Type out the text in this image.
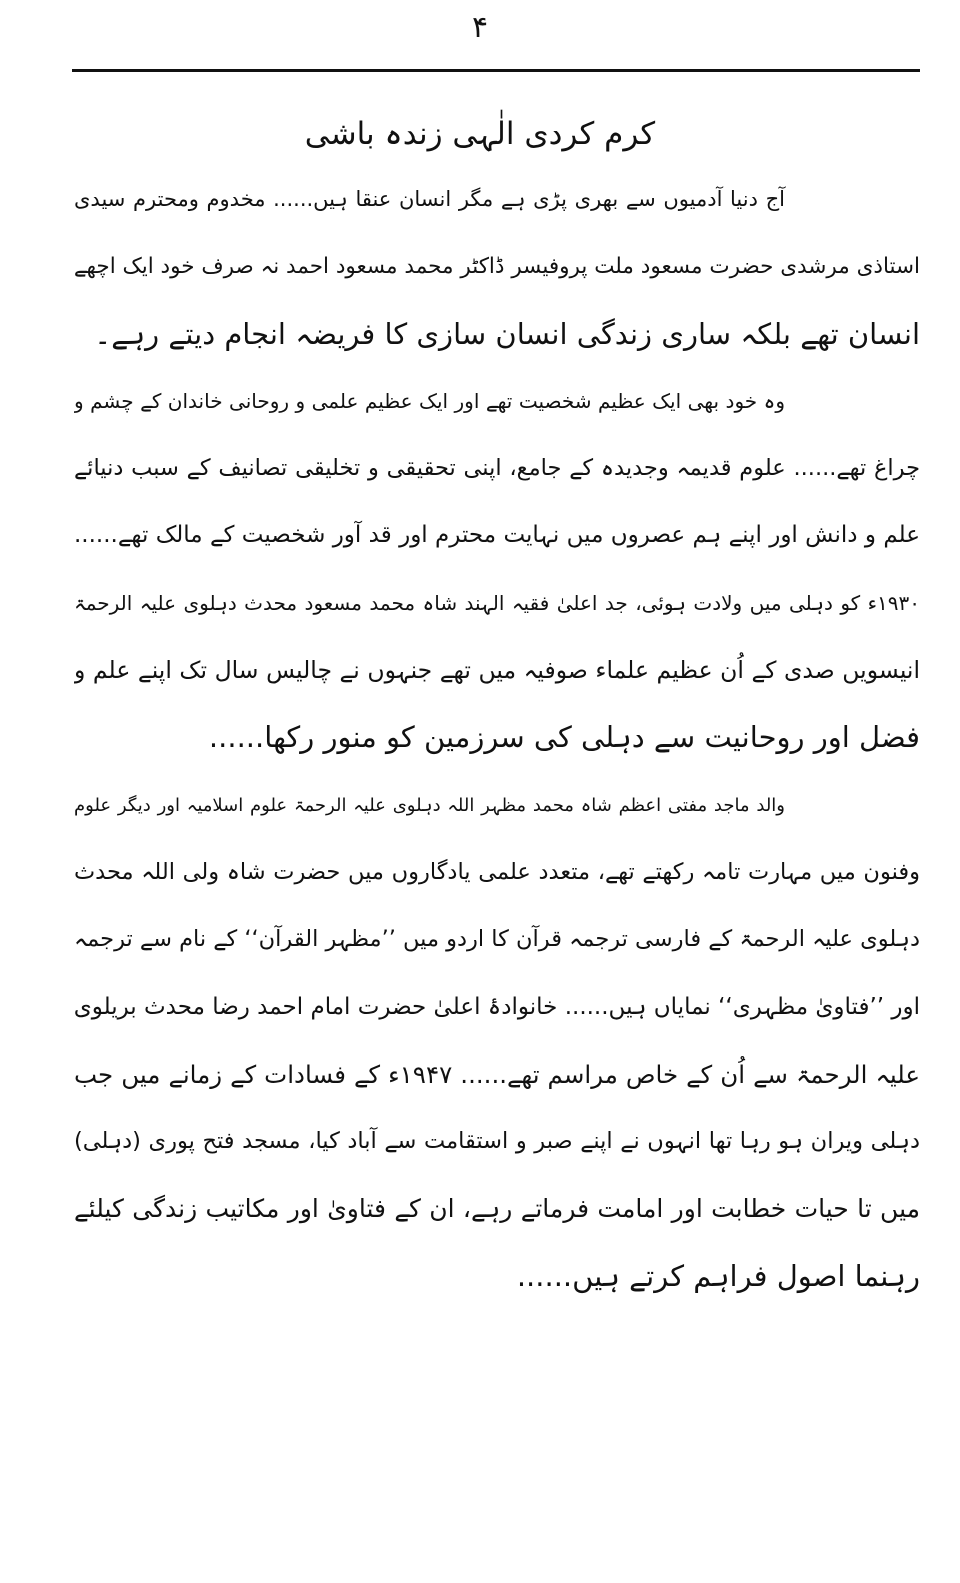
۴
کرم کردی الٰہی زندہ باشی
آج دنیا آدمیوں سے بھری پڑی ہے مگر انسان عنقا ہیں...... مخدوم ومحترم سیدی
استاذی مرشدی حضرت مسعود ملت پروفیسر ڈاکٹر محمد مسعود احمد نہ صرف خود ایک اچھے
انسان تھے بلکہ ساری زندگی انسان سازی کا فریضہ انجام دیتے رہے۔
وہ خود بھی ایک عظیم شخصیت تھے اور ایک عظیم علمی و روحانی خاندان کے چشم و
چراغ تھے...... علوم قدیمہ وجدیدہ کے جامع، اپنی تحقیقی و تخلیقی تصانیف کے سبب دنیائے
علم و دانش اور اپنے ہم عصروں میں نہایت محترم اور قد آور شخصیت کے مالک تھے......
۱۹۳۰ء کو دہلی میں ولادت ہوئی، جد اعلیٰ فقیہ الہند شاہ محمد مسعود محدث دہلوی علیہ الرحمۃ
انیسویں صدی کے اُن عظیم علماء صوفیہ میں تھے جنہوں نے چالیس سال تک اپنے علم و
فضل اور روحانیت سے دہلی کی سرزمین کو منور رکھا......
والد ماجد مفتی اعظم شاہ محمد مظہر اللہ دہلوی علیہ الرحمۃ علوم اسلامیہ اور دیگر علوم
وفنون میں مہارت تامہ رکھتے تھے، متعدد علمی یادگاروں میں حضرت شاہ ولی اللہ محدث
دہلوی علیہ الرحمۃ کے فارسی ترجمہ قرآن کا اردو میں ’’مظہر القرآن‘‘ کے نام سے ترجمہ
اور ’’فتاویٰ مظہری‘‘ نمایاں ہیں...... خانوادۂ اعلیٰ حضرت امام احمد رضا محدث بریلوی
علیہ الرحمۃ سے اُن کے خاص مراسم تھے...... ۱۹۴۷ء کے فسادات کے زمانے میں جب
دہلی ویران ہو رہا تھا انہوں نے اپنے صبر و استقامت سے آباد کیا، مسجد فتح پوری (دہلی)
میں تا حیات خطابت اور امامت فرماتے رہے، ان کے فتاویٰ اور مکاتیب زندگی کیلئے
رہنما اصول فراہم کرتے ہیں......
